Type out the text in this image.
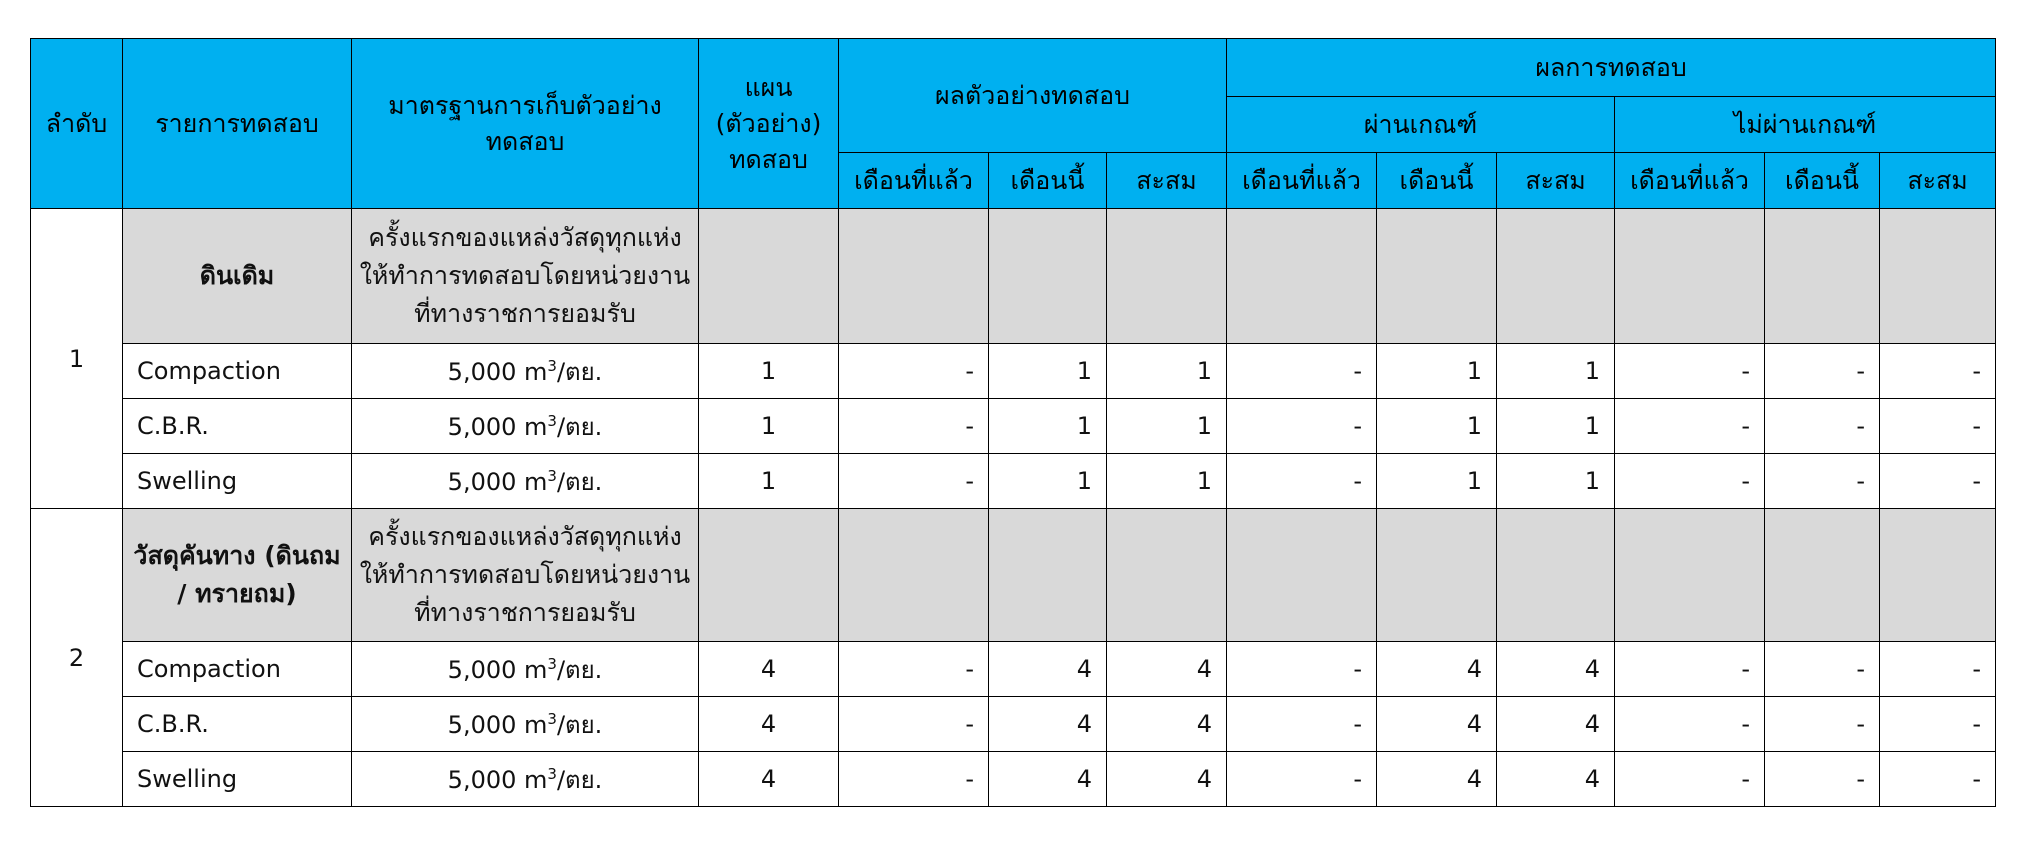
ลำดับ	รายการทดสอบ	มาตรฐานการเก็บตัวอย่างทดสอบ	แผน (ตัวอย่าง) ทดสอบ	ผลตัวอย่างทดสอบ			ผลการทดสอบ					
							ผ่านเกณฑ์			ไม่ผ่านเกณฑ์		
				เดือนที่แล้ว	เดือนนี้	สะสม	เดือนที่แล้ว	เดือนนี้	สะสม	เดือนที่แล้ว	เดือนนี้	สะสม
1	ดินเดิม	ครั้งแรกของแหล่งวัสดุทุกแห่งให้ทำการทดสอบโดยหน่วยงานที่ทางราชการยอมรับ										
	Compaction	5,000 $m^3/$ตย.	1	-	1	1	-	1	1	-	-	-
	C.B.R.	5,000 $m^3/$ตย.	1	-	1	1	-	1	1	-	-	-
	Swelling	5,000 $m^3/$ตย.	1	-	1	1	-	1	1	-	-	-
2	วัสดุคันทาง (ดินถม / ทรายถม)	ครั้งแรกของแหล่งวัสดุทุกแห่งให้ทำการทดสอบโดยหน่วยงานที่ทางราชการยอมรับ										
	Compaction	5,000 $m^3/$ตย.	4	-	4	4	-	4	4	-	-	-
	C.B.R.	5,000 $m^3/$ตย.	4	-	4	4	-	4	4	-	-	-
	Swelling	5,000 $m^3/$ตย.	4	-	4	4	-	4	4	-	-	-
